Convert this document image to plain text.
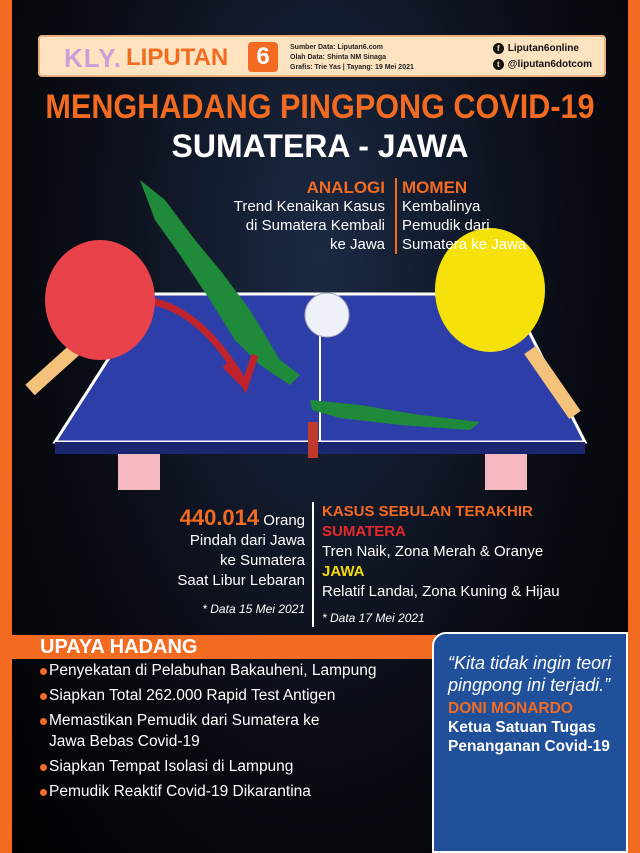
KLY. LIPUTAN	6	Sumber Data: Liputan6.com
Olah Data: Shinta NM Sinaga
Grafis: Trie Yas | Tayang: 19 Mei 2021
f Liputan6online
t @liputan6dotcom
MENGHADANG PINGPONG COVID-19
SUMATERA - JAWA
ANALOGI
Trend Kenaikan Kasus
di Sumatera Kembali
ke Jawa
MOMEN
Kembalinya
Pemudik dari
Sumatera ke Jawa
440.014 Orang
Pindah dari Jawa
ke Sumatera
Saat Libur Lebaran
* Data 15 Mei 2021
KASUS SEBULAN TERAKHIR
SUMATERA
Tren Naik, Zona Merah & Oranye
JAWA
Relatif Landai, Zona Kuning & Hijau
* Data 17 Mei 2021
UPAYA HADANG
Penyekatan di Pelabuhan Bakauheni, Lampung
Siapkan Total 262.000 Rapid Test Antigen
Memastikan Pemudik dari Sumatera ke Jawa Bebas Covid-19
Siapkan Tempat Isolasi di Lampung
Pemudik Reaktif Covid-19 Dikarantina
“Kita tidak ingin teori pingpong ini terjadi.”
DONI MONARDO
Ketua Satuan Tugas Penanganan Covid-19
